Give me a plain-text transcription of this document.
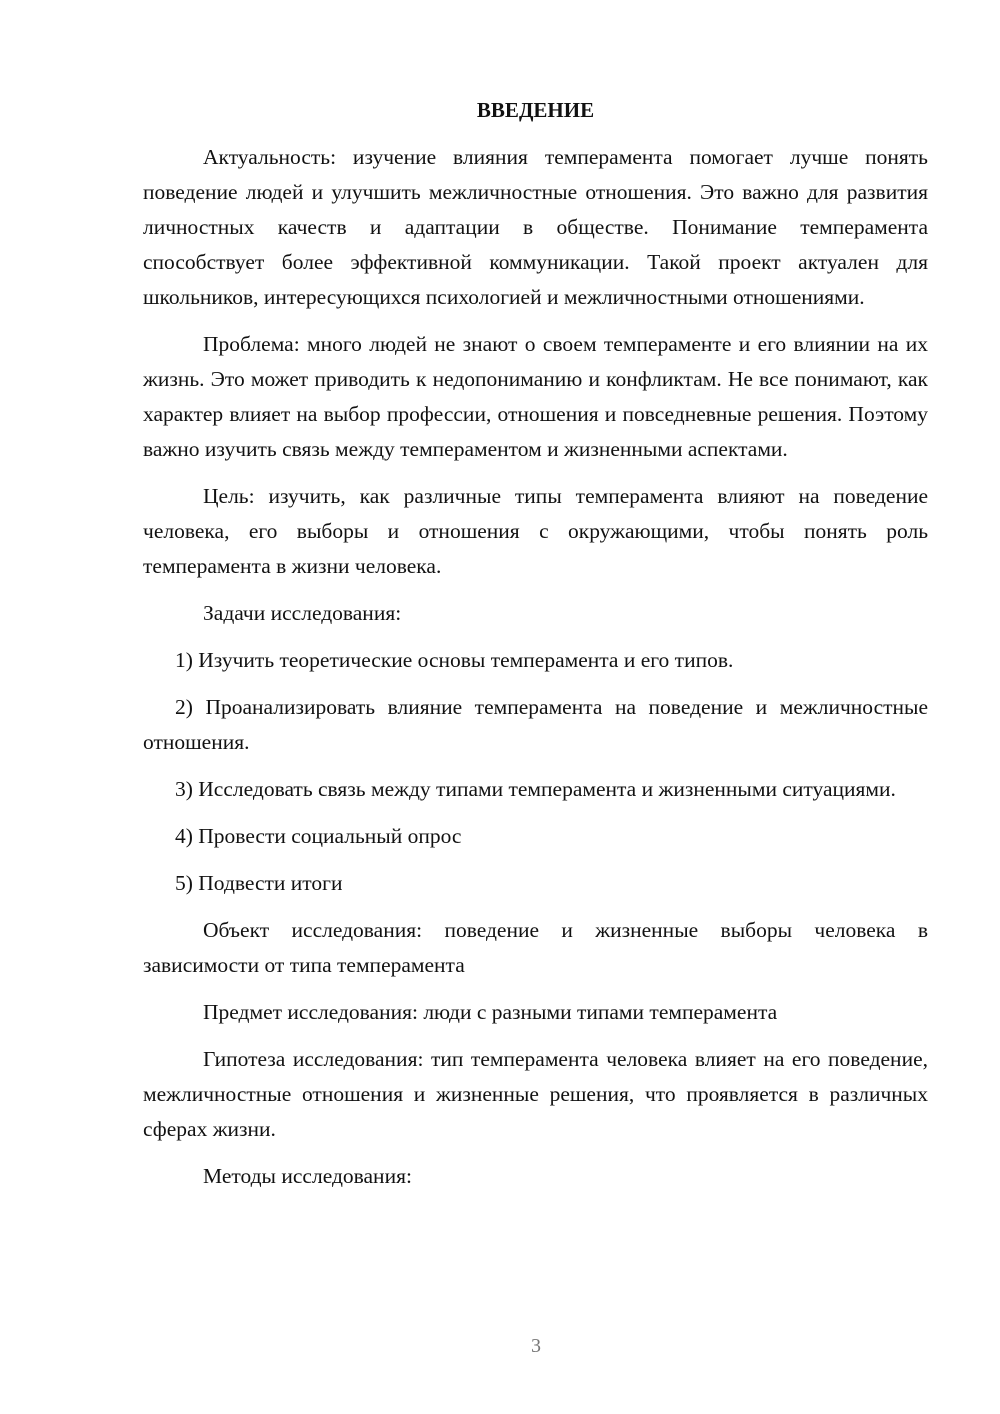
ВВЕДЕНИЕ

Актуальность: изучение влияния темперамента помогает лучше понять поведение людей и улучшить межличностные отношения. Это важно для развития личностных качеств и адаптации в обществе. Понимание темперамента способствует более эффективной коммуникации. Такой проект актуален для школьников, интересующихся психологией и межличностными отношениями.

Проблема: много людей не знают о своем темпераменте и его влиянии на их жизнь. Это может приводить к недопониманию и конфликтам. Не все понимают, как характер влияет на выбор профессии, отношения и повседневные решения. Поэтому важно изучить связь между темпераментом и жизненными аспектами.

Цель: изучить, как различные типы темперамента влияют на поведение человека, его выборы и отношения с окружающими, чтобы понять роль темперамента в жизни человека.

Задачи исследования:

1) Изучить теоретические основы темперамента и его типов.

2) Проанализировать влияние темперамента на поведение и межличностные отношения.

3) Исследовать связь между типами темперамента и жизненными ситуациями.

4) Провести социальный опрос

5) Подвести итоги

Объект исследования: поведение и жизненные выборы человека в зависимости от типа темперамента

Предмет исследования: люди с разными типами темперамента

Гипотеза исследования: тип темперамента человека влияет на его поведение, межличностные отношения и жизненные решения, что проявляется в различных сферах жизни.

Методы исследования:

3
